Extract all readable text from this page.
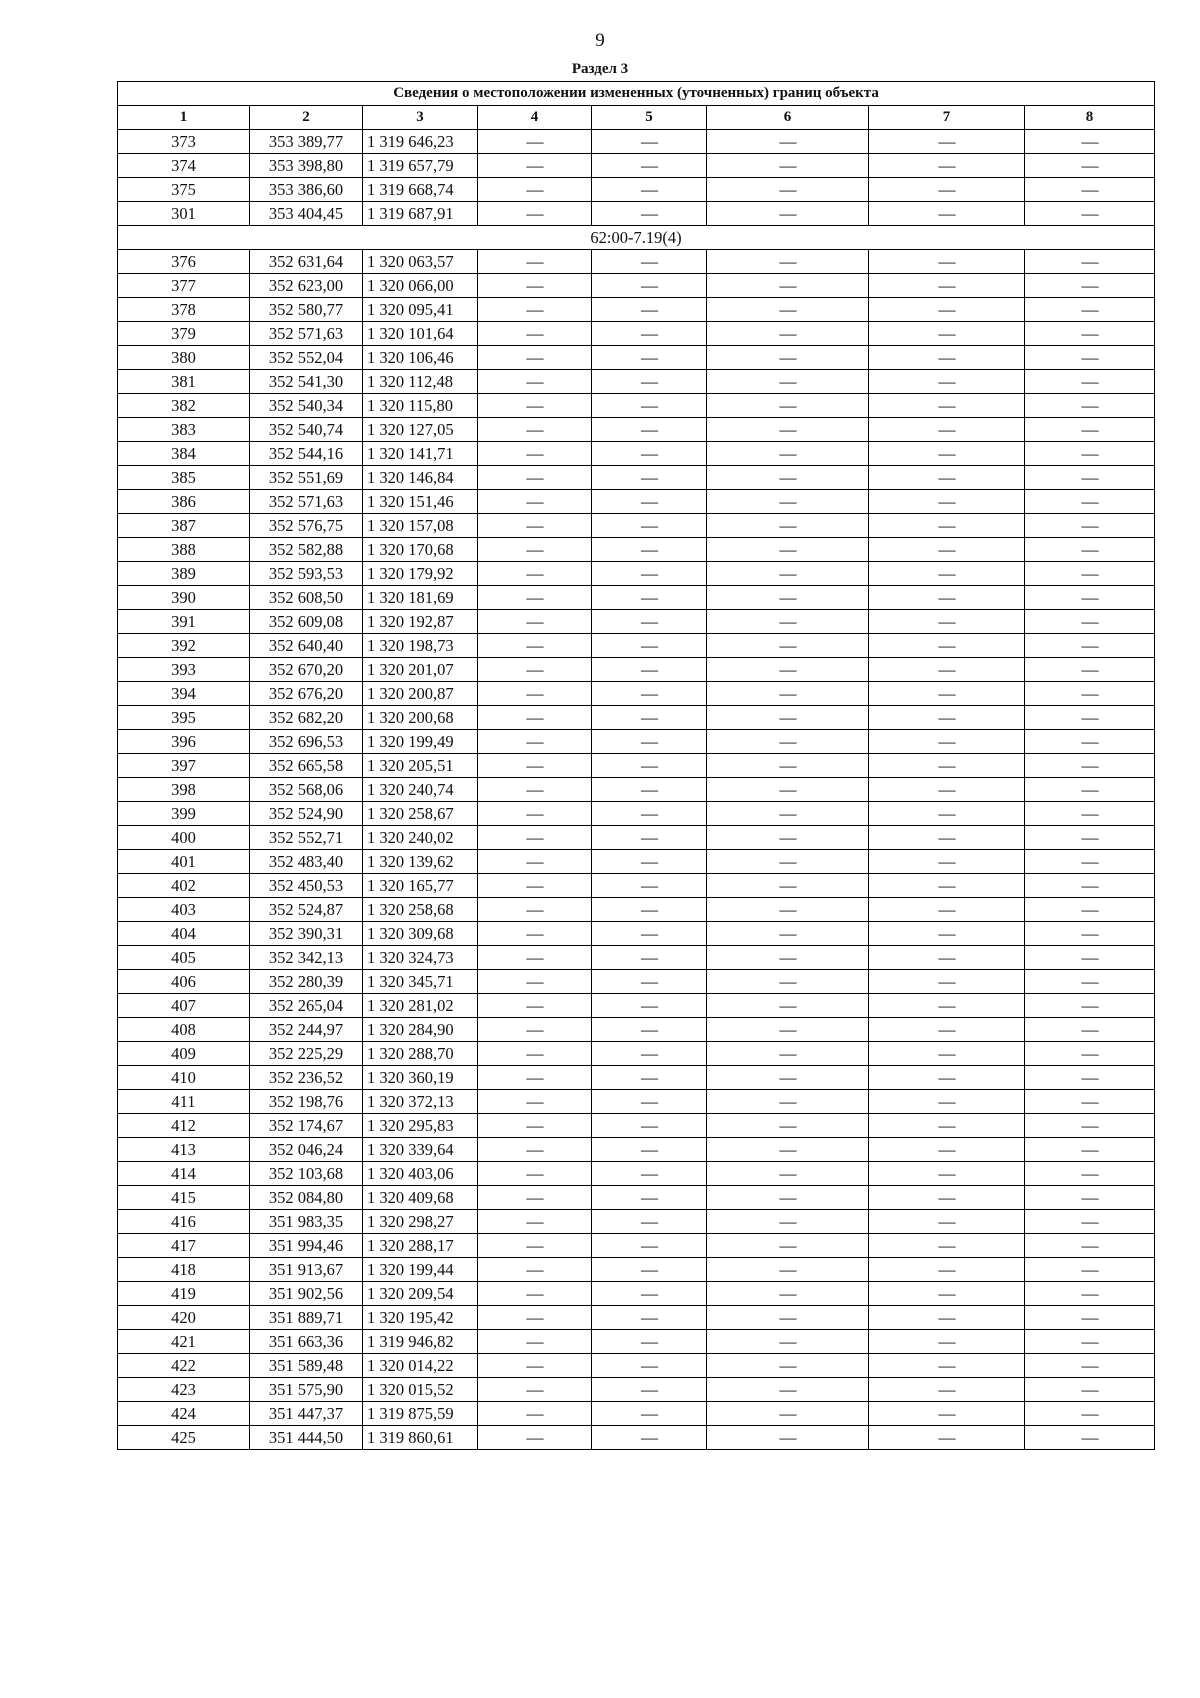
9
Раздел 3
Сведения о местоположении измененных (уточненных) границ объекта							
1	2	3	4	5	6	7	8
373	353 389,77	1 319 646,23	—	—	—	—	—
374	353 398,80	1 319 657,79	—	—	—	—	—
375	353 386,60	1 319 668,74	—	—	—	—	—
301	353 404,45	1 319 687,91	—	—	—	—	—
62:00-7.19(4)							
376	352 631,64	1 320 063,57	—	—	—	—	—
377	352 623,00	1 320 066,00	—	—	—	—	—
378	352 580,77	1 320 095,41	—	—	—	—	—
379	352 571,63	1 320 101,64	—	—	—	—	—
380	352 552,04	1 320 106,46	—	—	—	—	—
381	352 541,30	1 320 112,48	—	—	—	—	—
382	352 540,34	1 320 115,80	—	—	—	—	—
383	352 540,74	1 320 127,05	—	—	—	—	—
384	352 544,16	1 320 141,71	—	—	—	—	—
385	352 551,69	1 320 146,84	—	—	—	—	—
386	352 571,63	1 320 151,46	—	—	—	—	—
387	352 576,75	1 320 157,08	—	—	—	—	—
388	352 582,88	1 320 170,68	—	—	—	—	—
389	352 593,53	1 320 179,92	—	—	—	—	—
390	352 608,50	1 320 181,69	—	—	—	—	—
391	352 609,08	1 320 192,87	—	—	—	—	—
392	352 640,40	1 320 198,73	—	—	—	—	—
393	352 670,20	1 320 201,07	—	—	—	—	—
394	352 676,20	1 320 200,87	—	—	—	—	—
395	352 682,20	1 320 200,68	—	—	—	—	—
396	352 696,53	1 320 199,49	—	—	—	—	—
397	352 665,58	1 320 205,51	—	—	—	—	—
398	352 568,06	1 320 240,74	—	—	—	—	—
399	352 524,90	1 320 258,67	—	—	—	—	—
400	352 552,71	1 320 240,02	—	—	—	—	—
401	352 483,40	1 320 139,62	—	—	—	—	—
402	352 450,53	1 320 165,77	—	—	—	—	—
403	352 524,87	1 320 258,68	—	—	—	—	—
404	352 390,31	1 320 309,68	—	—	—	—	—
405	352 342,13	1 320 324,73	—	—	—	—	—
406	352 280,39	1 320 345,71	—	—	—	—	—
407	352 265,04	1 320 281,02	—	—	—	—	—
408	352 244,97	1 320 284,90	—	—	—	—	—
409	352 225,29	1 320 288,70	—	—	—	—	—
410	352 236,52	1 320 360,19	—	—	—	—	—
411	352 198,76	1 320 372,13	—	—	—	—	—
412	352 174,67	1 320 295,83	—	—	—	—	—
413	352 046,24	1 320 339,64	—	—	—	—	—
414	352 103,68	1 320 403,06	—	—	—	—	—
415	352 084,80	1 320 409,68	—	—	—	—	—
416	351 983,35	1 320 298,27	—	—	—	—	—
417	351 994,46	1 320 288,17	—	—	—	—	—
418	351 913,67	1 320 199,44	—	—	—	—	—
419	351 902,56	1 320 209,54	—	—	—	—	—
420	351 889,71	1 320 195,42	—	—	—	—	—
421	351 663,36	1 319 946,82	—	—	—	—	—
422	351 589,48	1 320 014,22	—	—	—	—	—
423	351 575,90	1 320 015,52	—	—	—	—	—
424	351 447,37	1 319 875,59	—	—	—	—	—
425	351 444,50	1 319 860,61	—	—	—	—	—
